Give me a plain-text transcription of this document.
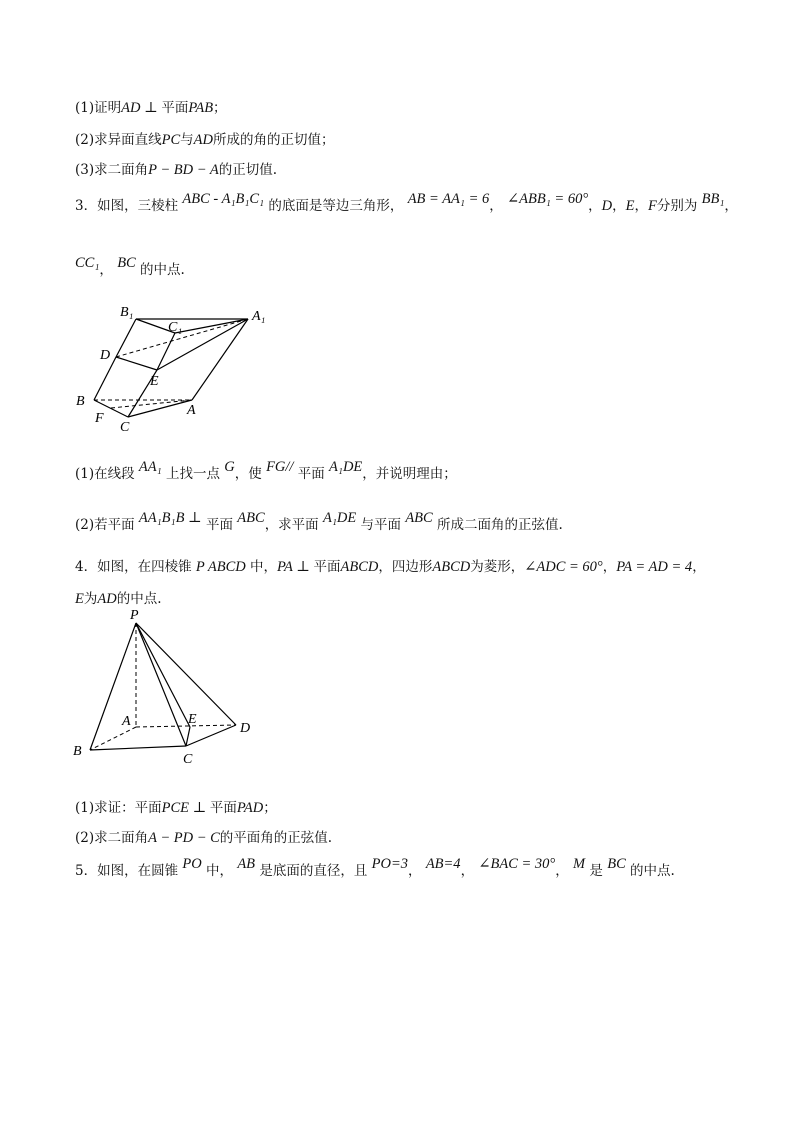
(1)证明AD ⊥ 平面PAB；
(2)求异面直线PC与AD所成的角的正切值；
(3)求二面角P − BD − A的正切值.
3．如图，三棱柱 ABC - A₁B₁C₁ 的底面是等边三角形， AB = AA₁ = 6， ∠ABB₁ = 60°，D，E，F分别为 BB₁，
CC₁， BC 的中点.
(1)在线段 AA₁ 上找一点 G，使 FG// 平面 A₁DE，并说明理由；
(2)若平面 AA₁B₁B ⊥ 平面 ABC，求平面 A₁DE 与平面 ABC 所成二面角的正弦值.
4．如图，在四棱锥 P ABCD 中，PA ⊥ 平面ABCD，四边形ABCD为菱形，∠ADC = 60°，PA = AD = 4，
E为AD的中点.
(1)求证：平面PCE ⊥ 平面PAD；
(2)求二面角A − PD − C的平面角的正弦值.
5．如图，在圆锥 PO 中， AB 是底面的直径，且 PO=3， AB=4， ∠BAC = 30°， M 是 BC 的中点.
B₁
C₁
A₁
D
E
B
F
C
A
P
A	E
D
B
C
